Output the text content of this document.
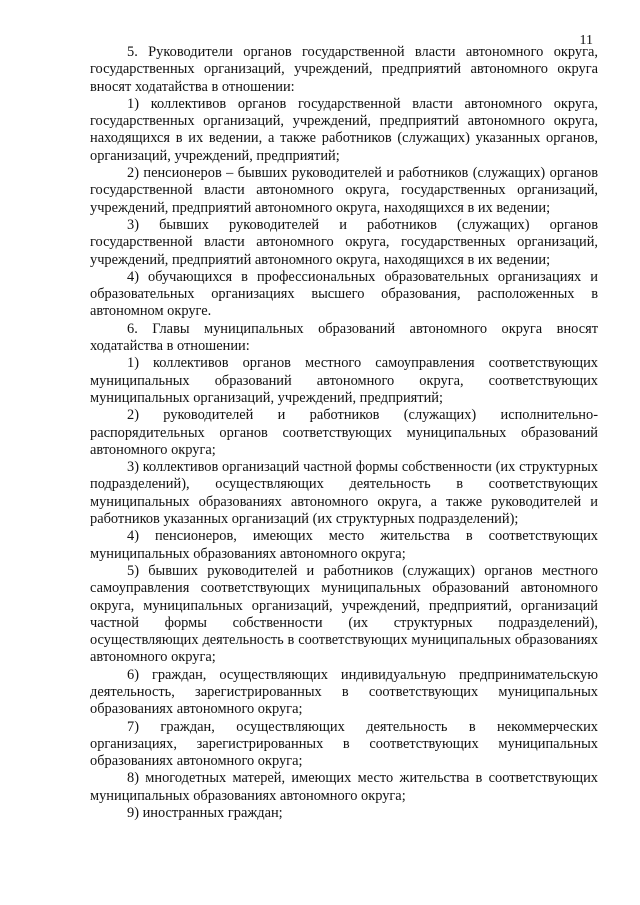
11

5. Руководители органов государственной власти автономного округа, государственных организаций, учреждений, предприятий автономного округа вносят ходатайства в отношении:

1) коллективов органов государственной власти автономного округа, государственных организаций, учреждений, предприятий автономного округа, находящихся в их ведении, а также работников (служащих) указанных органов, организаций, учреждений, предприятий;

2) пенсионеров – бывших руководителей и работников (служащих) органов государственной власти автономного округа, государственных организаций, учреждений, предприятий автономного округа, находящихся в их ведении;

3) бывших руководителей и работников (служащих) органов государственной власти автономного округа, государственных организаций, учреждений, предприятий автономного округа, находящихся в их ведении;

4) обучающихся в профессиональных образовательных организациях и образовательных организациях высшего образования, расположенных в автономном округе.

6. Главы муниципальных образований автономного округа вносят ходатайства в отношении:

1) коллективов органов местного самоуправления соответствующих муниципальных образований автономного округа, соответствующих муниципальных организаций, учреждений, предприятий;

2) руководителей и работников (служащих) исполнительно-распорядительных органов соответствующих муниципальных образований автономного округа;

3) коллективов организаций частной формы собственности (их структурных подразделений), осуществляющих деятельность в соответствующих муниципальных образованиях автономного округа, а также руководителей и работников указанных организаций (их структурных подразделений);

4) пенсионеров, имеющих место жительства в соответствующих муниципальных образованиях автономного округа;

5) бывших руководителей и работников (служащих) органов местного самоуправления соответствующих муниципальных образований автономного округа, муниципальных организаций, учреждений, предприятий, организаций частной формы собственности (их структурных подразделений), осуществляющих деятельность в соответствующих муниципальных образованиях автономного округа;

6) граждан, осуществляющих индивидуальную предпринимательскую деятельность, зарегистрированных в соответствующих муниципальных образованиях автономного округа;

7) граждан, осуществляющих деятельность в некоммерческих организациях, зарегистрированных в соответствующих муниципальных образованиях автономного округа;

8) многодетных матерей, имеющих место жительства в соответствующих муниципальных образованиях автономного округа;

9) иностранных граждан;
